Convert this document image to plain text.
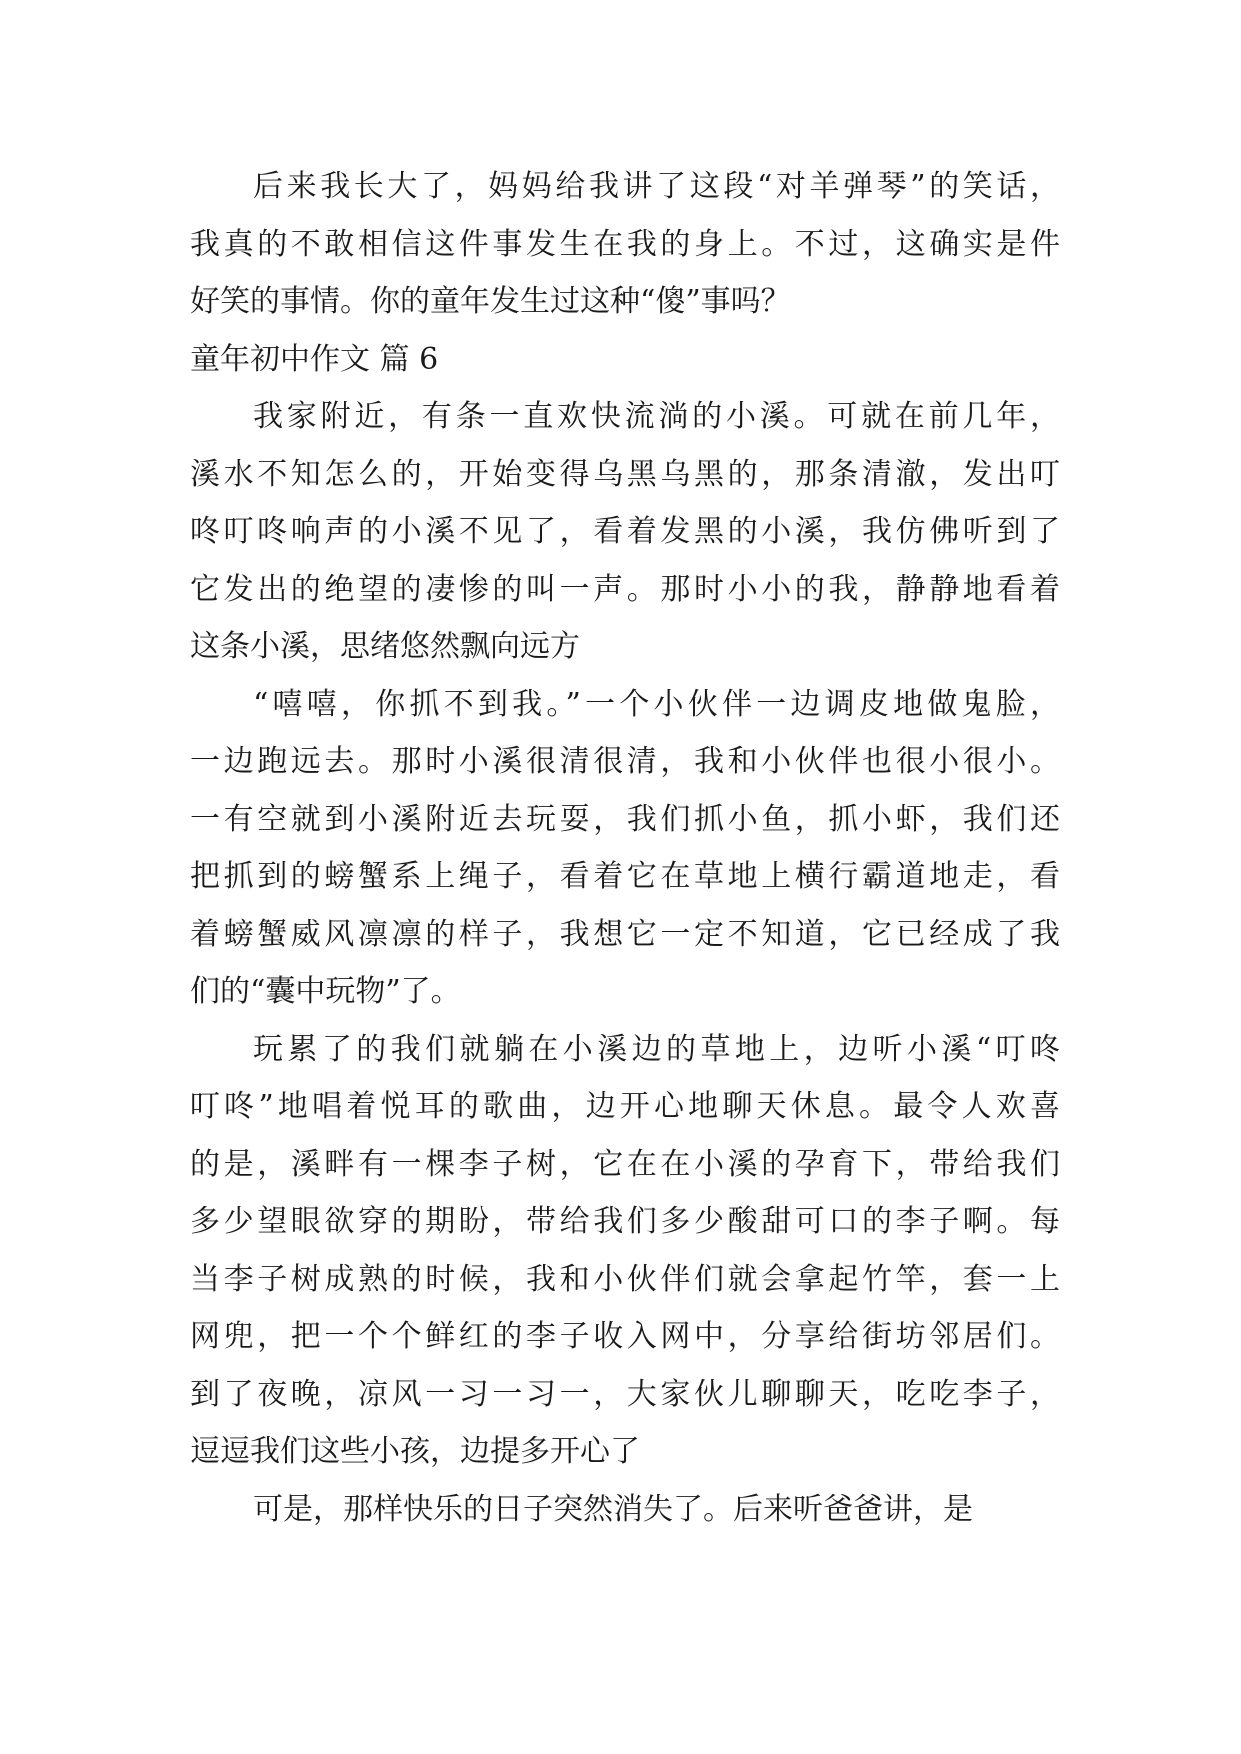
后来我长大了，妈妈给我讲了这段“对羊弹琴”的笑话，
我真的不敢相信这件事发生在我的身上。不过，这确实是件
好笑的事情。你的童年发生过这种“傻”事吗？
童年初中作文 篇 6
我家附近，有条一直欢快流淌的小溪。可就在前几年，
溪水不知怎么的，开始变得乌黑乌黑的，那条清澈，发出叮
咚叮咚响声的小溪不见了，看着发黑的小溪，我仿佛听到了
它发出的绝望的凄惨的叫一声。那时小小的我，静静地看着
这条小溪，思绪悠然飘向远方
“嘻嘻，你抓不到我。”一个小伙伴一边调皮地做鬼脸，
一边跑远去。那时小溪很清很清，我和小伙伴也很小很小。
一有空就到小溪附近去玩耍，我们抓小鱼，抓小虾，我们还
把抓到的螃蟹系上绳子，看着它在草地上横行霸道地走，看
着螃蟹威风凛凛的样子，我想它一定不知道，它已经成了我
们的“囊中玩物”了。
玩累了的我们就躺在小溪边的草地上，边听小溪“叮咚
叮咚”地唱着悦耳的歌曲，边开心地聊天休息。最令人欢喜
的是，溪畔有一棵李子树，它在在小溪的孕育下，带给我们
多少望眼欲穿的期盼，带给我们多少酸甜可口的李子啊。每
当李子树成熟的时候，我和小伙伴们就会拿起竹竿，套一上
网兜，把一个个鲜红的李子收入网中，分享给街坊邻居们。
到了夜晚，凉风一习一习一，大家伙儿聊聊天，吃吃李子，
逗逗我们这些小孩，边提多开心了
可是，那样快乐的日子突然消失了。后来听爸爸讲，是
